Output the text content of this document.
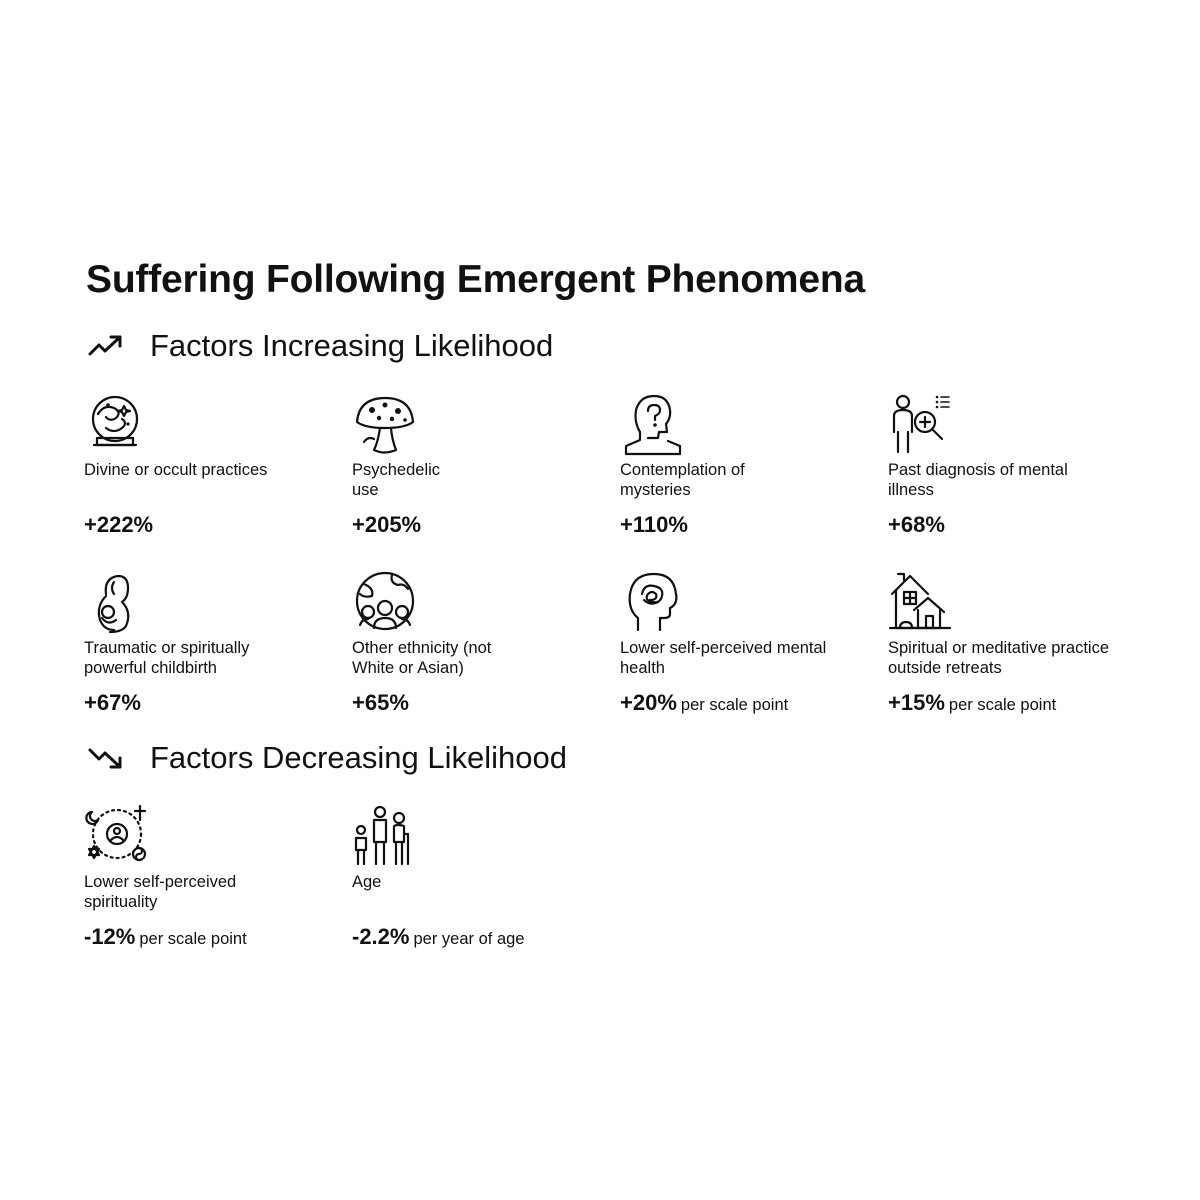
Suffering Following Emergent Phenomena
Factors Increasing Likelihood
Divine or occult practices
+222%
Psychedelic use
+205%
Contemplation of mysteries
+110%
Past diagnosis of mental illness
+68%
Traumatic or spiritually powerful childbirth
+67%
Other ethnicity (not White or Asian)
+65%
Lower self-perceived mental health
+20% per scale point
Spiritual or meditative practice outside retreats
+15% per scale point
Factors Decreasing Likelihood
Lower self-perceived spirituality
-12% per scale point
Age
-2.2% per year of age
